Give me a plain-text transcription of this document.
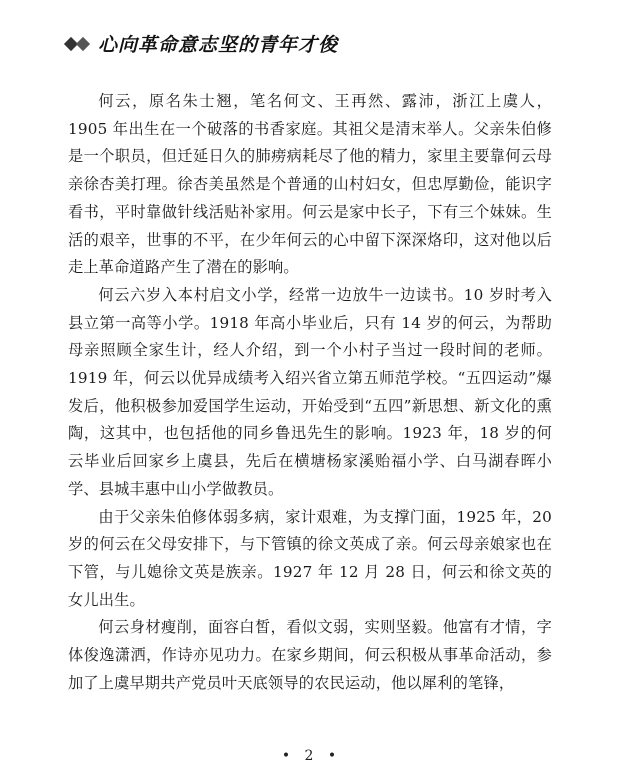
心向革命意志坚的青年才俊

何云，原名朱士翘，笔名何文、王再然、露沛，浙江上虞人，1905 年出生在一个破落的书香家庭。其祖父是清末举人。父亲朱伯修是一个职员，但迁延日久的肺痨病耗尽了他的精力，家里主要靠何云母亲徐杏美打理。徐杏美虽然是个普通的山村妇女，但忠厚勤俭，能识字看书，平时靠做针线活贴补家用。何云是家中长子，下有三个妹妹。生活的艰辛，世事的不平，在少年何云的心中留下深深烙印，这对他以后走上革命道路产生了潜在的影响。

何云六岁入本村启文小学，经常一边放牛一边读书。10 岁时考入县立第一高等小学。1918 年高小毕业后，只有 14 岁的何云，为帮助母亲照顾全家生计，经人介绍，到一个小村子当过一段时间的老师。1919 年，何云以优异成绩考入绍兴省立第五师范学校。“五四运动”爆发后，他积极参加爱国学生运动，开始受到“五四”新思想、新文化的熏陶，这其中，也包括他的同乡鲁迅先生的影响。1923 年，18 岁的何云毕业后回家乡上虞县，先后在横塘杨家溪贻福小学、白马湖春晖小学、县城丰惠中山小学做教员。

由于父亲朱伯修体弱多病，家计艰难，为支撑门面，1925 年，20 岁的何云在父母安排下，与下管镇的徐文英成了亲。何云母亲娘家也在下管，与儿媳徐文英是族亲。1927 年 12 月 28 日，何云和徐文英的女儿出生。

何云身材瘦削，面容白皙，看似文弱，实则坚毅。他富有才情，字体俊逸潇洒，作诗亦见功力。在家乡期间，何云积极从事革命活动，参加了上虞早期共产党员叶天底领导的农民运动，他以犀利的笔锋，

• 2 •
